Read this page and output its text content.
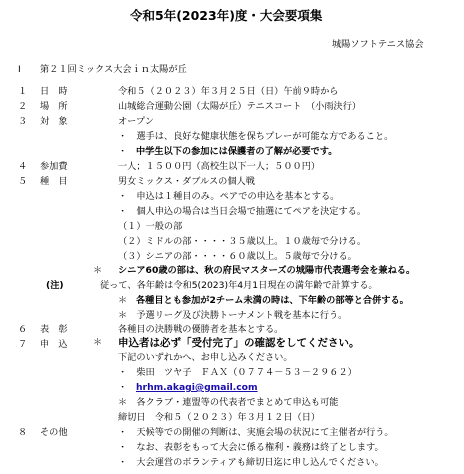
令和5年(2023年)度・大会要項集
城陽ソフトテニス協会
I 第２１回ミックス大会ｉｎ太陽が丘
１ 日　時	令和５（２０２３）年３月２５日（日）午前９時から
２ 場　所	山城総合運動公園（太陽が丘）テニスコート　（小雨決行）
３ 対　象	オープン
・　選手は、良好な健康状態を保ちプレーが可能な方であること。
・ 中学生以下の参加には保護者の了解が必要です。
４ 参加費	一人；１５００円（高校生以下一人；５００円）
５ 種　目	男女ミックス・ダブルスの個人戦
・　申込は１種目のみ。ペアでの申込を基本とする。
・　個人申込の場合は当日会場で抽選にてペアを決定する。
（１）一般の部
（２）ミドルの部・・・・３５歳以上。１０歳毎で分ける。
（３）シニアの部・・・・６０歳以上。５歳毎で分ける。
＊ シニア60歳の部は、秋の府民マスターズの城陽市代表選考会を兼ねる。
(注)	従って、各年齢は令和5(2023)年4月1日現在の満年齢で計算する。
＊ 各種目とも参加が2チーム未満の時は、下年齢の部等と合併する。
＊　予選リーグ及び決勝トーナメント戦を基本に行う。
６ 表　彰	各種目の決勝戦の優勝者を基本とする。
７ 申　込	＊ 申込者は必ず「受付完了」の確認をしてください。
下記のいずれかへ、お申し込みください。
・　柴田　ツヤ子　ＦＡＸ（０７７４－５３－２９６２）
・ hrhm.akagi@gmail.com
＊　各クラブ・連盟等の代表者でまとめて申込も可能
締切日　令和５（２０２３）年３月１２日（日）
８ その他	・　天候等での開催の判断は、実施会場の状況にて主催者が行う。
・　なお、表彰をもって大会に係る権利・義務は終了とします。
・　大会運営のボランティアも締切日迄に申し込んでください。
